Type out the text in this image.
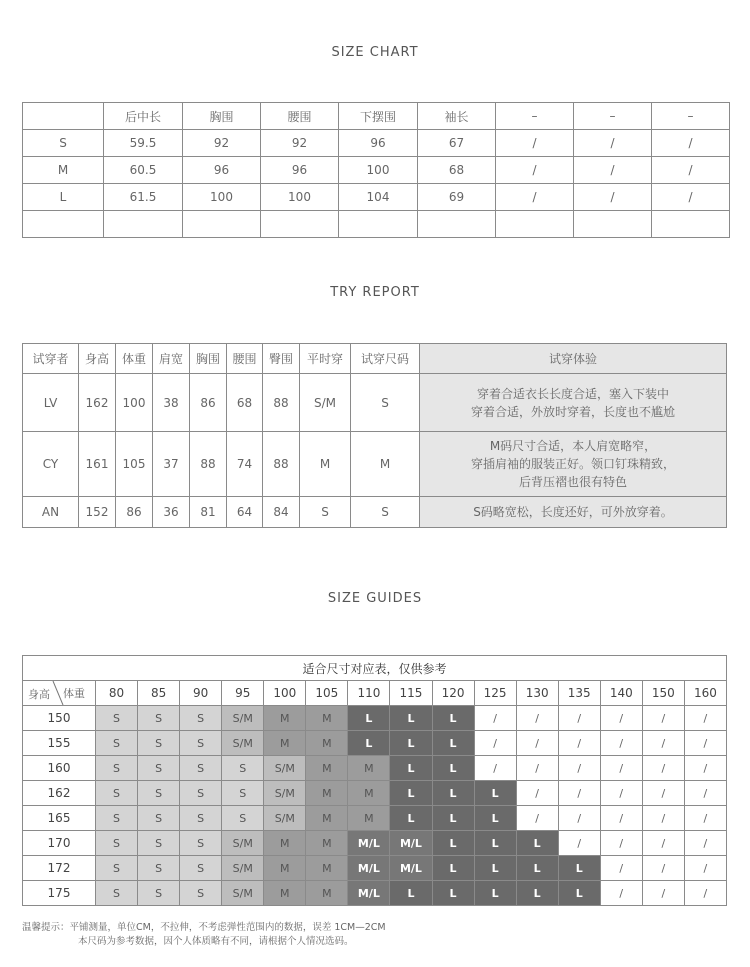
SIZE CHART
	后中长	胸围	腰围	下摆围	袖长	–	–	–
S	59.5	92	92	96	67	/	/	/
M	60.5	96	96	100	68	/	/	/
L	61.5	100	100	104	69	/	/	/

TRY REPORT
试穿者	身高	体重	肩宽	胸围	腰围	臀围	平时穿	试穿尺码	试穿体验
LV	162	100	38	86	68	88	S/M	S	穿着合适衣长长度合适，塞入下装中
穿着合适，外放时穿着，长度也不尴尬

CY	161	105	37	88	74	88	M	M	M码尺寸合适，本人肩宽略窄，
穿插肩袖的服装正好。领口钉珠精致，
后背压褶也很有特色

AN	152	86	36	81	64	84	S	S	S码略宽松，长度还好，可外放穿着。
SIZE GUIDES
适合尺寸对应表，仅供参考															

身高 体重	80	85	90	95	100	105	110	115	120	125	130	135	140	150	160
150	S	S	S	S/M	M	M	L	L	L	/	/	/	/	/	/
155	S	S	S	S/M	M	M	L	L	L	/	/	/	/	/	/
160	S	S	S	S	S/M	M	M	L	L	/	/	/	/	/	/
162	S	S	S	S	S/M	M	M	L	L	L	/	/	/	/	/
165	S	S	S	S	S/M	M	M	L	L	L	/	/	/	/	/
170	S	S	S	S/M	M	M	M/L	M/L	L	L	L	/	/	/	/
172	S	S	S	S/M	M	M	M/L	M/L	L	L	L	L	/	/	/
175	S	S	S	S/M	M	M	M/L	L	L	L	L	L	/	/	/
温馨提示：平铺测量，单位CM，不拉伸，不考虑弹性范围内的数据，误差 1CM—2CM
本尺码为参考数据，因个人体质略有不同，请根据个人情况选码。
